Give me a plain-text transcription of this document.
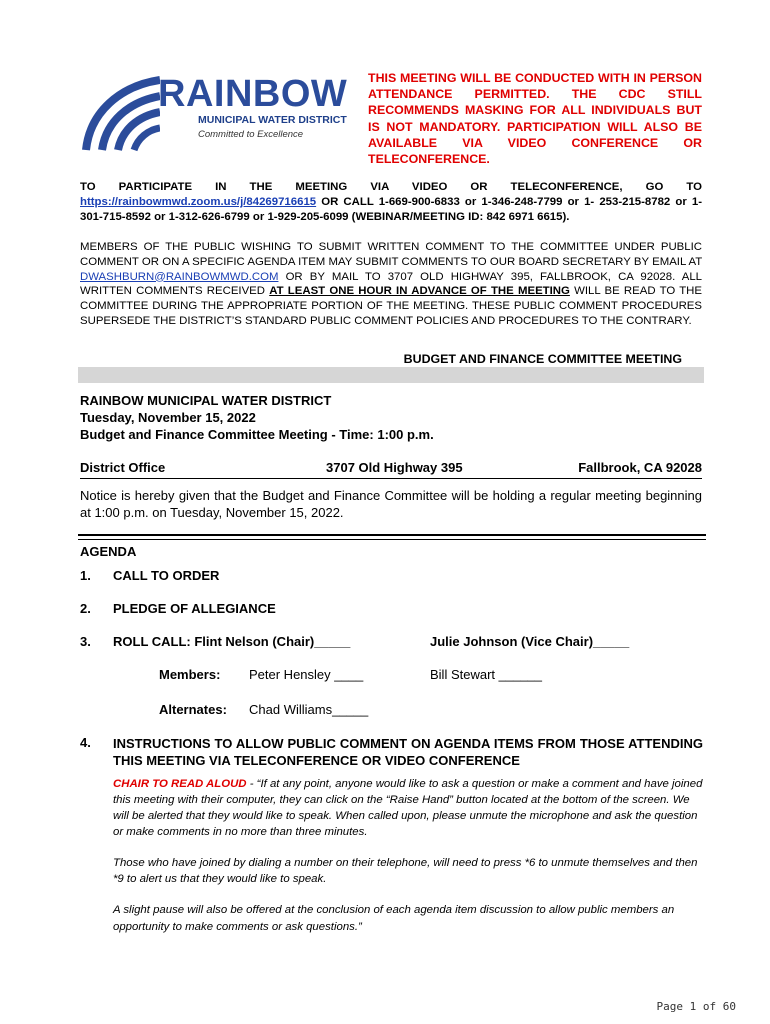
RAINBOW
MUNICIPAL WATER DISTRICT
Committed to Excellence
THIS MEETING WILL BE CONDUCTED WITH IN PERSON ATTENDANCE PERMITTED. THE CDC STILL RECOMMENDS MASKING FOR ALL INDIVIDUALS BUT IS NOT MANDATORY. PARTICIPATION WILL ALSO BE AVAILABLE VIA VIDEO CONFERENCE OR TELECONFERENCE.
TO PARTICIPATE IN THE MEETING VIA VIDEO OR TELECONFERENCE, GO TO https://rainbowmwd.zoom.us/j/84269716615 OR CALL 1-669-900-6833 or 1-346-248-7799 or 1- 253-215-8782 or 1-301-715-8592 or 1-312-626-6799 or 1-929-205-6099 (WEBINAR/MEETING ID: 842 6971 6615).
MEMBERS OF THE PUBLIC WISHING TO SUBMIT WRITTEN COMMENT TO THE COMMITTEE UNDER PUBLIC COMMENT OR ON A SPECIFIC AGENDA ITEM MAY SUBMIT COMMENTS TO OUR BOARD SECRETARY BY EMAIL AT DWASHBURN@RAINBOWMWD.COM OR BY MAIL TO 3707 OLD HIGHWAY 395, FALLBROOK, CA 92028. ALL WRITTEN COMMENTS RECEIVED AT LEAST ONE HOUR IN ADVANCE OF THE MEETING WILL BE READ TO THE COMMITTEE DURING THE APPROPRIATE PORTION OF THE MEETING. THESE PUBLIC COMMENT PROCEDURES SUPERSEDE THE DISTRICT’S STANDARD PUBLIC COMMENT POLICIES AND PROCEDURES TO THE CONTRARY.
BUDGET AND FINANCE COMMITTEE MEETING
RAINBOW MUNICIPAL WATER DISTRICT
Tuesday, November 15, 2022
Budget and Finance Committee Meeting - Time: 1:00 p.m.
District Office	3707 Old Highway 395	Fallbrook, CA 92028
Notice is hereby given that the Budget and Finance Committee will be holding a regular meeting beginning at 1:00 p.m. on Tuesday, November 15, 2022.
AGENDA
1. CALL TO ORDER
2. PLEDGE OF ALLEGIANCE
3. ROLL CALL: Flint Nelson (Chair)_____	Julie Johnson (Vice Chair)_____
Members: Peter Hensley ____	Bill Stewart ______
Alternates: Chad Williams_____
4. INSTRUCTIONS TO ALLOW PUBLIC COMMENT ON AGENDA ITEMS FROM THOSE ATTENDING THIS MEETING VIA TELECONFERENCE OR VIDEO CONFERENCE
CHAIR TO READ ALOUD - “If at any point, anyone would like to ask a question or make a comment and have joined this meeting with their computer, they can click on the “Raise Hand” button located at the bottom of the screen. We will be alerted that they would like to speak. When called upon, please unmute the microphone and ask the question or make comments in no more than three minutes.
Those who have joined by dialing a number on their telephone, will need to press *6 to unmute themselves and then *9 to alert us that they would like to speak.
A slight pause will also be offered at the conclusion of each agenda item discussion to allow public members an opportunity to make comments or ask questions.”
Page 1 of 60
